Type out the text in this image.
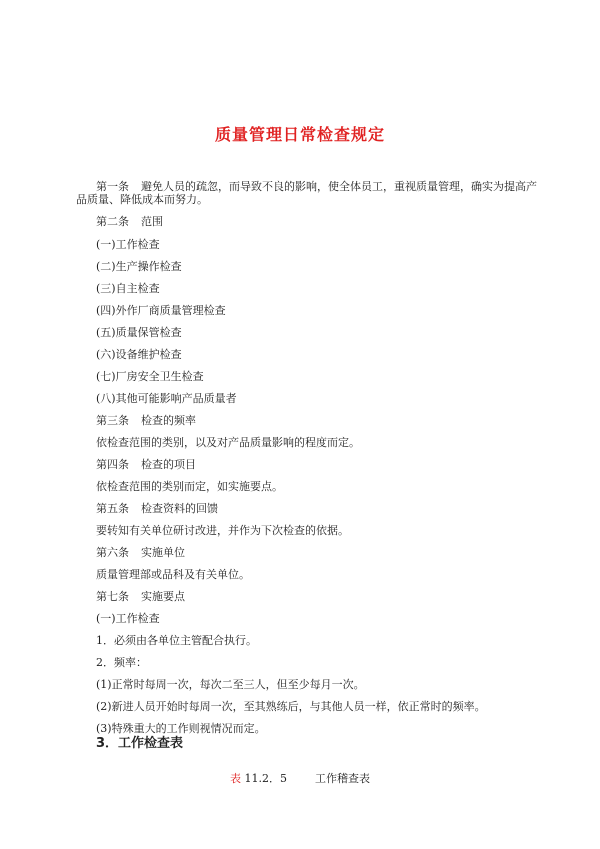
质量管理日常检查规定
第一条 避免人员的疏忽，而导致不良的影响，使全体员工，重视质量管理，确实为提高产
品质量、降低成本而努力。
第二条 范围
(一)工作检查
(二)生产操作检查
(三)自主检查
(四)外作厂商质量管理检查
(五)质量保管检查
(六)设备维护检查
(七)厂房安全卫生检查
(八)其他可能影响产品质量者
第三条 检查的频率
依检查范围的类别，以及对产品质量影响的程度而定。
第四条 检查的项目
依检查范围的类别而定，如实施要点。
第五条 检查资料的回馈
要转知有关单位研讨改进，并作为下次检查的依据。
第六条 实施单位
质量管理部或品科及有关单位。
第七条 实施要点
(一)工作检查
1．必须由各单位主管配合执行。
2．频率：
(1)正常时每周一次，每次二至三人，但至少每月一次。
(2)新进人员开始时每周一次，至其熟练后，与其他人员一样，依正常时的频率。
(3)特殊重大的工作则视情况而定。
3．工作检查表
表 11.2．5	工作稽查表
